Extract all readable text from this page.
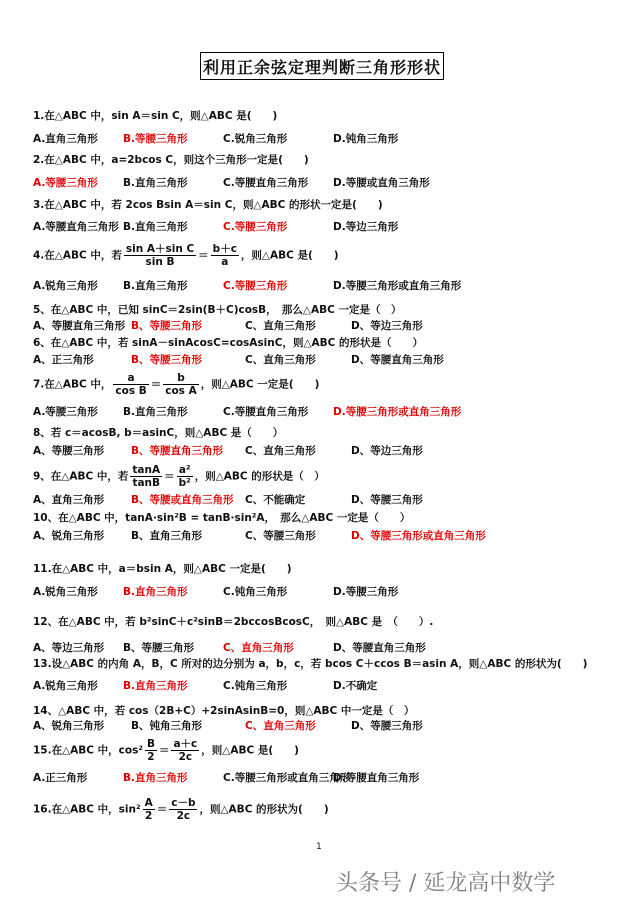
利用正余弦定理判断三角形形状
1.在△ABC 中，sin A＝sin C，则△ABC 是(　　)
A.直角三角形 B.等腰三角形	C.锐角三角形	D.钝角三角形
2.在△ABC 中，a=2bcos C，则这个三角形一定是(　　)
A.等腰三角形 B.直角三角形	C.等腰直角三角形 D.等腰或直角三角形
3.在△ABC 中，若 2cos Bsin A＝sin C，则△ABC 的形状一定是(　　)
A.等腰直角三角形 B.直角三角形	C.等腰三角形	D.等边三角形
4.在△ABC 中，若 $\frac{\text{sin A＋sin C}}{\text{sin B}} = \frac{b+c}{a}$ ，则△ABC 是(　　)
A.锐角三角形 B.直角三角形	C.等腰三角形	D.等腰三角形或直角三角形
5、在△ABC 中，已知 sinC＝2sin(B＋C)cosB，　那么△ABC 一定是（　）
A、等腰直角三角形 B、等腰三角形	C、直角三角形	D、等边三角形
6、在△ABC 中，若 sinA－sinAcosC=cosAsinC，则△ABC 的形状是（　　）
A、正三角形	B、等腰三角形	C、直角三角形	D、等腰直角三角形
7.在△ABC 中， $\frac{a}{\text{cos B}} = \frac{b}{\text{cos A}}$ ，则△ABC 一定是(　　)
A.等腰三角形 B.直角三角形	C.等腰直角三角形 D.等腰三角形或直角三角形
8、若 c＝acosB, b＝asinC，则△ABC 是（　　）
A、等腰三角形	B、等腰直角三角形 C、直角三角形	D、等边三角形
9、在△ABC 中，若 $\frac{\tan A}{\tan B} = \frac{\text{a²}}{\text{b²}}$ ，则△ABC 的形状是（　）
A、直角三角形	B、等腰或直角三角形 C、不能确定	D、等腰三角形
10、在△ABC 中，tanA·sin²B = tanB·sin²A，　那么△ABC 一定是（　　）
A、锐角三角形	B、直角三角形	C、等腰三角形	D、等腰三角形或直角三角形
11.在△ABC 中，a＝bsin A，则△ABC 一定是(　　)
A.锐角三角形 B.直角三角形	C.钝角三角形	D.等腰三角形
12、在△ABC 中，若 b²sinC＋c²sinB＝2bccosBcosC，　则△ABC 是　（　　）.
A、等边三角形 B、等腰三角形	C、直角三角形	D、等腰直角三角形
13.设△ABC 的内角 A，B，C 所对的边分别为 a，b，c，若 bcos C＋ccos B＝asin A，则△ABC 的形状为(　　)
A.锐角三角形 B.直角三角形	C.钝角三角形	D.不确定
14、△ABC 中，若 cos（2B+C）+2sinAsinB=0，则△ABC 中一定是（　）
A、锐角三角形	B、钝角三角形	C、直角三角形	D、等腰三角形
15.在△ABC 中，$\cos^2 \frac{B}{2} = \frac{a+c}{2c}$ ，则△ABC 是(　　)
A.正三角形	B.直角三角形	C.等腰三角形或直角三角形
D.等腰直角三角形
16.在△ABC 中，$\sin^2 \frac{A}{2} = \frac{c-b}{2c}$ ，则△ABC 的形状为(　　)
1
头条号 / 延龙高中数学
